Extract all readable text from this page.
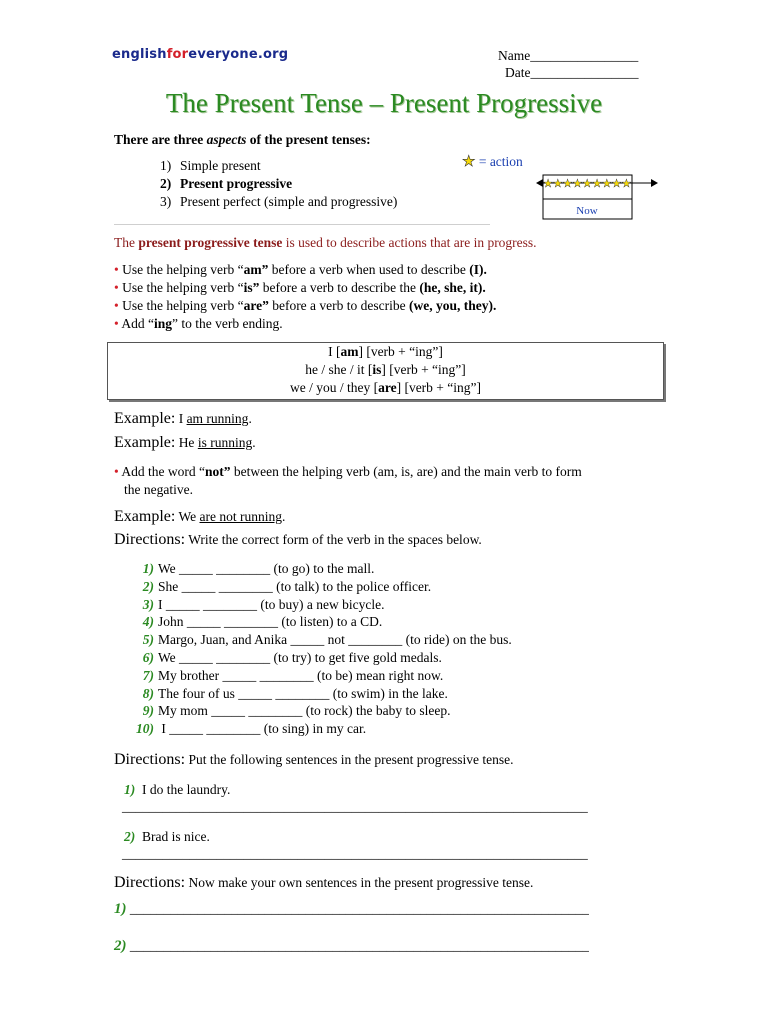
englishforeveryone.org	Name________________
Date________________
The Present Tense – Present Progressive
There are three aspects of the present tenses:
1) Simple present
2) Present progressive
3) Present perfect (simple and progressive)
★ = action
★ ★ ★ ★ ★ ★ ★ ★ ★
Now
The present progressive tense is used to describe actions that are in progress.
• Use the helping verb “am” before a verb when used to describe (I).
• Use the helping verb “is” before a verb to describe the (he, she, it).
• Use the helping verb “are” before a verb to describe (we, you, they).
• Add “ing” to the verb ending.
I [am] [verb + “ing”]
he / she / it [is] [verb + “ing”]
we / you / they [are] [verb + “ing”]
Example: I am running.
Example: He is running.
• Add the word “not” between the helping verb (am, is, are) and the main verb to form
the negative.
Example: We are not running.
Directions: Write the correct form of the verb in the spaces below.
1) We _____ ________ (to go) to the mall.
2) She _____ ________ (to talk) to the police officer.
3) I _____ ________ (to buy) a new bicycle.
4) John _____ ________ (to listen) to a CD.
5) Margo, Juan, and Anika _____ not ________ (to ride) on the bus.
6) We _____ ________ (to try) to get five gold medals.
7) My brother _____ ________ (to be) mean right now.
8) The four of us _____ ________ (to swim) in the lake.
9) My mom _____ ________ (to rock) the baby to sleep.
10) I _____ ________ (to sing) in my car.
Directions: Put the following sentences in the present progressive tense.
1) I do the laundry.
_____________________________________________________________________
2) Brad is nice.
_____________________________________________________________________
Directions: Now make your own sentences in the present progressive tense.
1) ____________________________________________________________________
2) ____________________________________________________________________
